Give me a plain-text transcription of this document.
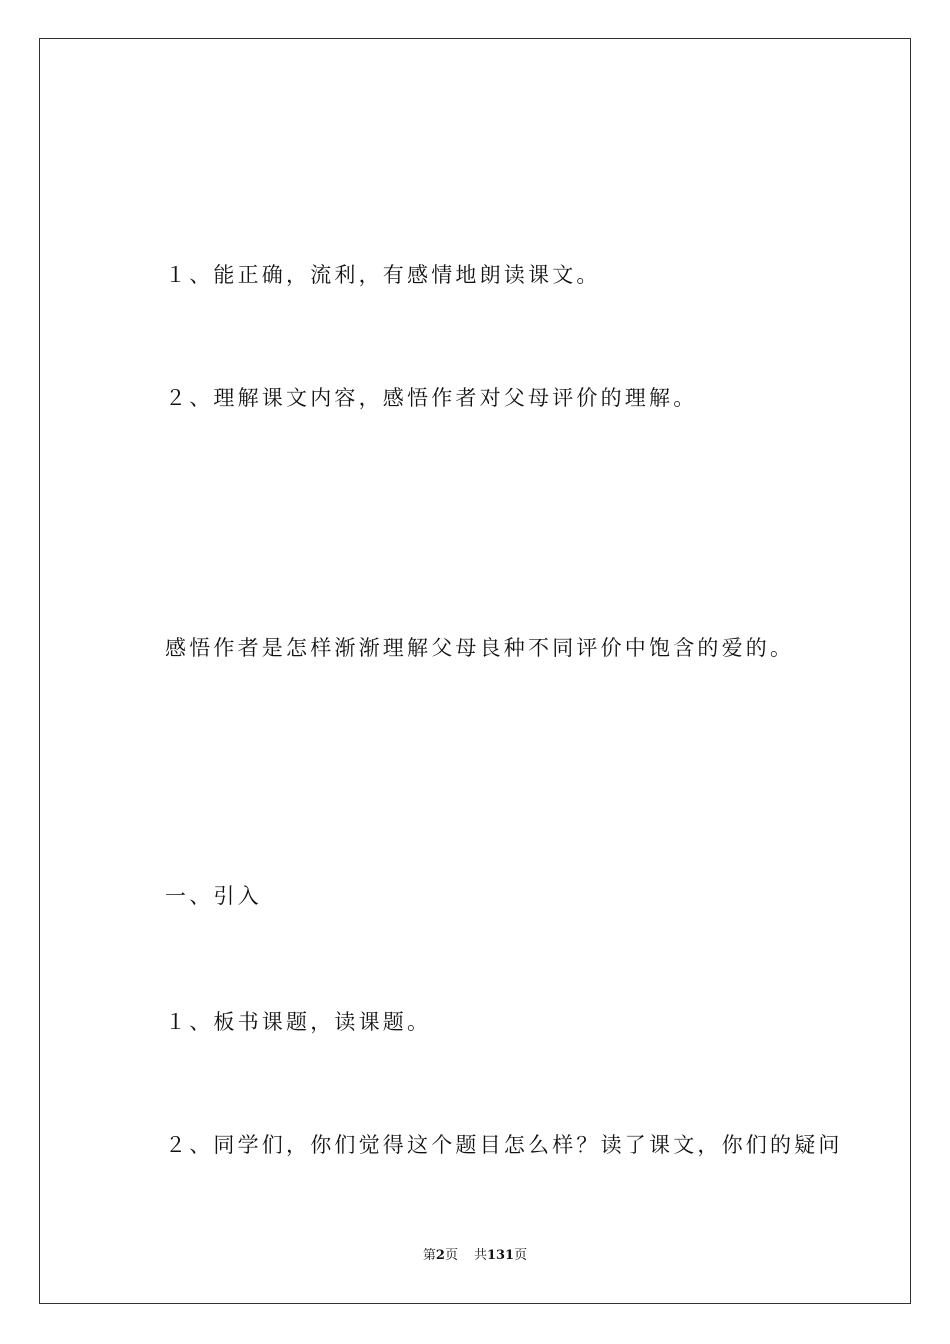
１、能正确，流利，有感情地朗读课文。
２、理解课文内容，感悟作者对父母评价的理解。
感悟作者是怎样渐渐理解父母良种不同评价中饱含的爱的。
一、引入
１、板书课题，读课题。
２、同学们，你们觉得这个题目怎么样？读了课文，你们的疑问
第2页 共131页
